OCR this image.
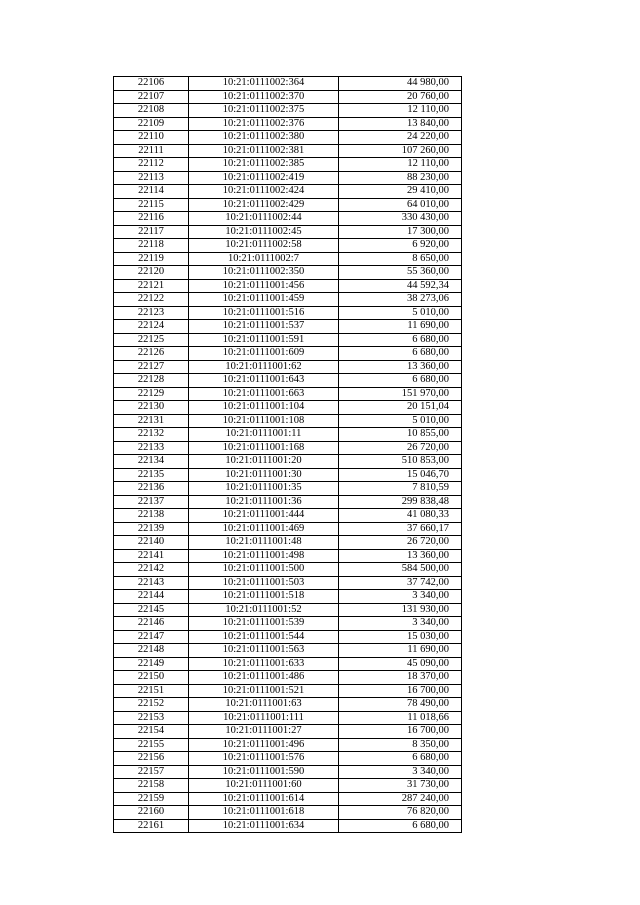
22106	10:21:0111002:364	44 980,00
22107	10:21:0111002:370	20 760,00
22108	10:21:0111002:375	12 110,00
22109	10:21:0111002:376	13 840,00
22110	10:21:0111002:380	24 220,00
22111	10:21:0111002:381	107 260,00
22112	10:21:0111002:385	12 110,00
22113	10:21:0111002:419	88 230,00
22114	10:21:0111002:424	29 410,00
22115	10:21:0111002:429	64 010,00
22116	10:21:0111002:44	330 430,00
22117	10:21:0111002:45	17 300,00
22118	10:21:0111002:58	6 920,00
22119	10:21:0111002:7	8 650,00
22120	10:21:0111002:350	55 360,00
22121	10:21:0111001:456	44 592,34
22122	10:21:0111001:459	38 273,06
22123	10:21:0111001:516	5 010,00
22124	10:21:0111001:537	11 690,00
22125	10:21:0111001:591	6 680,00
22126	10:21:0111001:609	6 680,00
22127	10:21:0111001:62	13 360,00
22128	10:21:0111001:643	6 680,00
22129	10:21:0111001:663	151 970,00
22130	10:21:0111001:104	20 151,04
22131	10:21:0111001:108	5 010,00
22132	10:21:0111001:11	10 855,00
22133	10:21:0111001:168	26 720,00
22134	10:21:0111001:20	510 853,00
22135	10:21:0111001:30	15 046,70
22136	10:21:0111001:35	7 810,59
22137	10:21:0111001:36	299 838,48
22138	10:21:0111001:444	41 080,33
22139	10:21:0111001:469	37 660,17
22140	10:21:0111001:48	26 720,00
22141	10:21:0111001:498	13 360,00
22142	10:21:0111001:500	584 500,00
22143	10:21:0111001:503	37 742,00
22144	10:21:0111001:518	3 340,00
22145	10:21:0111001:52	131 930,00
22146	10:21:0111001:539	3 340,00
22147	10:21:0111001:544	15 030,00
22148	10:21:0111001:563	11 690,00
22149	10:21:0111001:633	45 090,00
22150	10:21:0111001:486	18 370,00
22151	10:21:0111001:521	16 700,00
22152	10:21:0111001:63	78 490,00
22153	10:21:0111001:111	11 018,66
22154	10:21:0111001:27	16 700,00
22155	10:21:0111001:496	8 350,00
22156	10:21:0111001:576	6 680,00
22157	10:21:0111001:590	3 340,00
22158	10:21:0111001:60	31 730,00
22159	10:21:0111001:614	287 240,00
22160	10:21:0111001:618	76 820,00
22161	10:21:0111001:634	6 680,00
